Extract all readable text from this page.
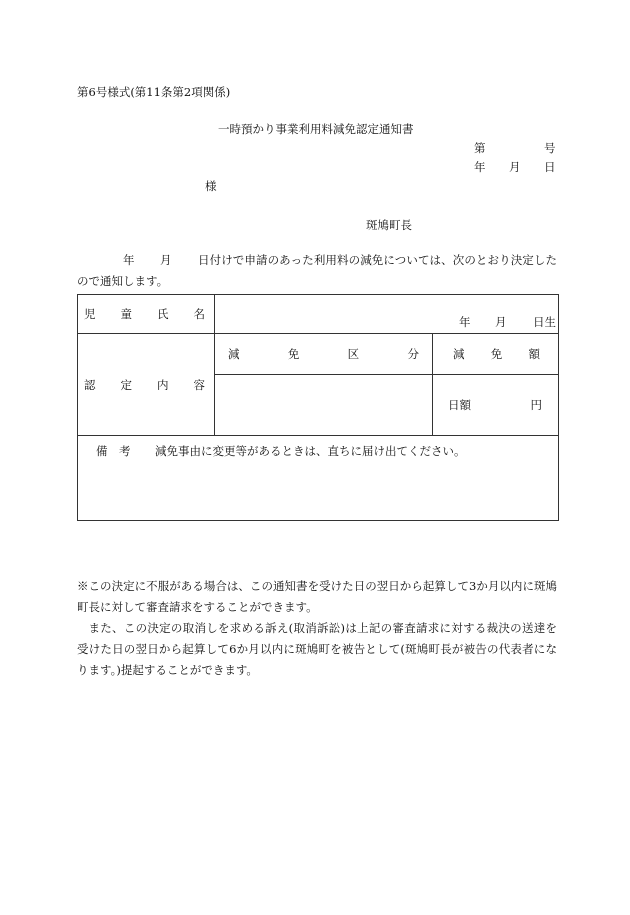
第6号様式(第11条第2項関係)
一時預かり事業利用料減免認定通知書
第	号
年 月 日
様
斑鳩町長
年 月	日付けで申請のあった利用料の減免については、次のとおり決定したので通知します。
児 童 氏 名	年 月 日生	

認 定 内 容	減 免 区 分	減 免 額

		日額 円

備　考 減免事由に変更等があるときは、直ちに届け出てください。		
※この決定に不服がある場合は、この通知書を受けた日の翌日から起算して3か月以内に斑鳩町長に対して審査請求をすることができます。
また、この決定の取消しを求める訴え(取消訴訟)は上記の審査請求に対する裁決の送達を受けた日の翌日から起算して6か月以内に斑鳩町を被告として(斑鳩町長が被告の代表者になります。)提起することができます。
